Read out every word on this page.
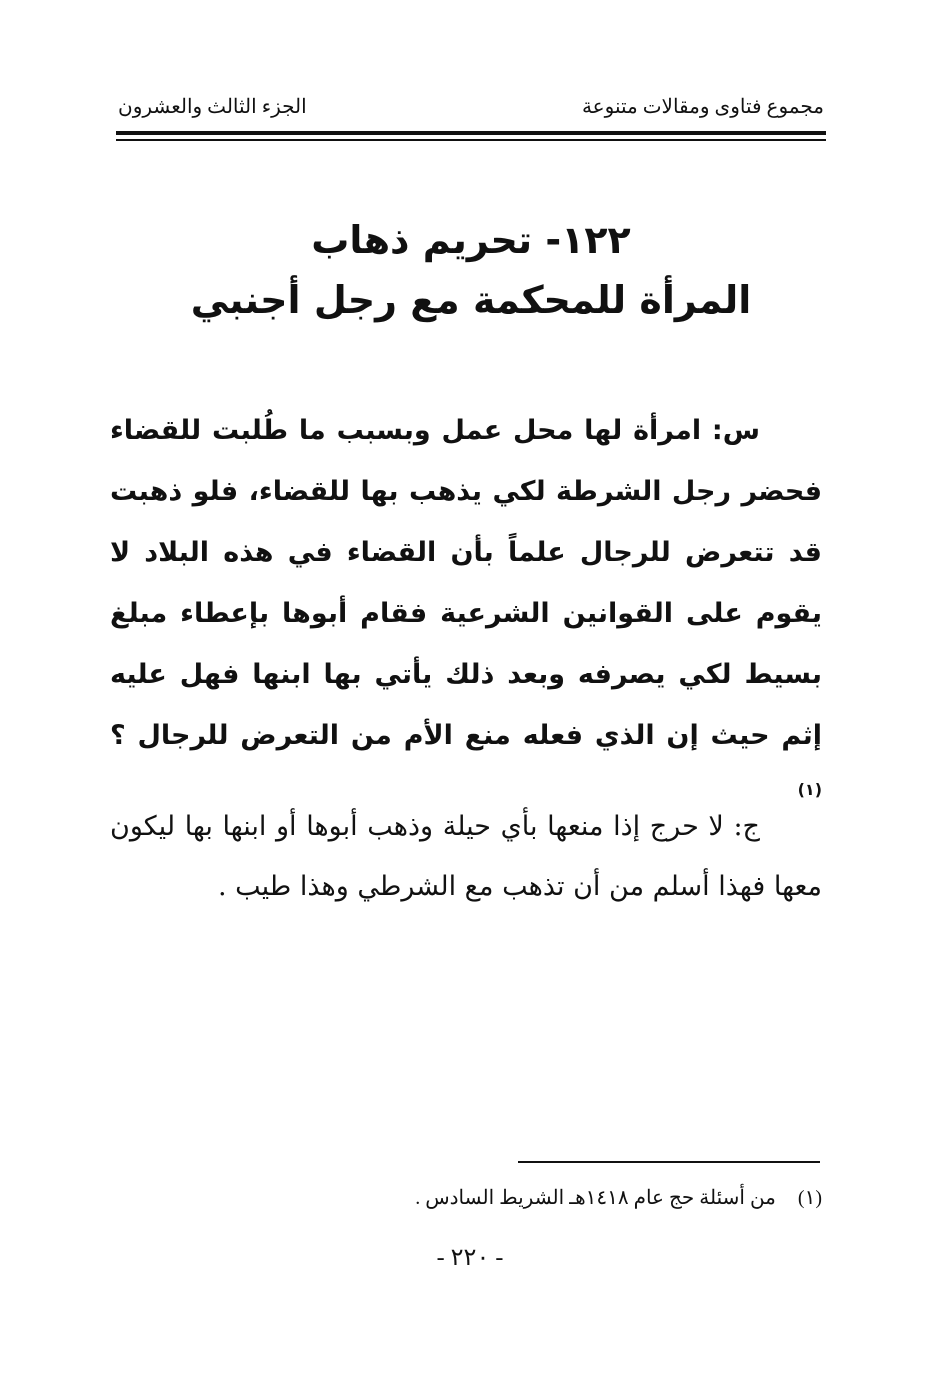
مجموع فتاوى ومقالات متنوعة
الجزء الثالث والعشرون
١٢٢- تحريم ذهاب
المرأة للمحكمة مع رجل أجنبي
س: امرأة لها محل عمل وبسبب ما طُلبت للقضاء فحضر رجل الشرطة لكي يذهب بها للقضاء، فلو ذهبت قد تتعرض للرجال علماً بأن القضاء في هذه البلاد لا يقوم على القوانين الشرعية فقام أبوها بإعطاء مبلغ بسيط لكي يصرفه وبعد ذلك يأتي بها ابنها فهل عليه إثم حيث إن الذي فعله منع الأم من التعرض للرجال ؟$^{(١)}$
ج: لا حرج إذا منعها بأي حيلة وذهب أبوها أو ابنها بها ليكون معها فهذا أسلم من أن تذهب مع الشرطي وهذا طيب .
(١)من أسئلة حج عام ١٤١٨هـ الشريط السادس .
- ٢٢٠ -
